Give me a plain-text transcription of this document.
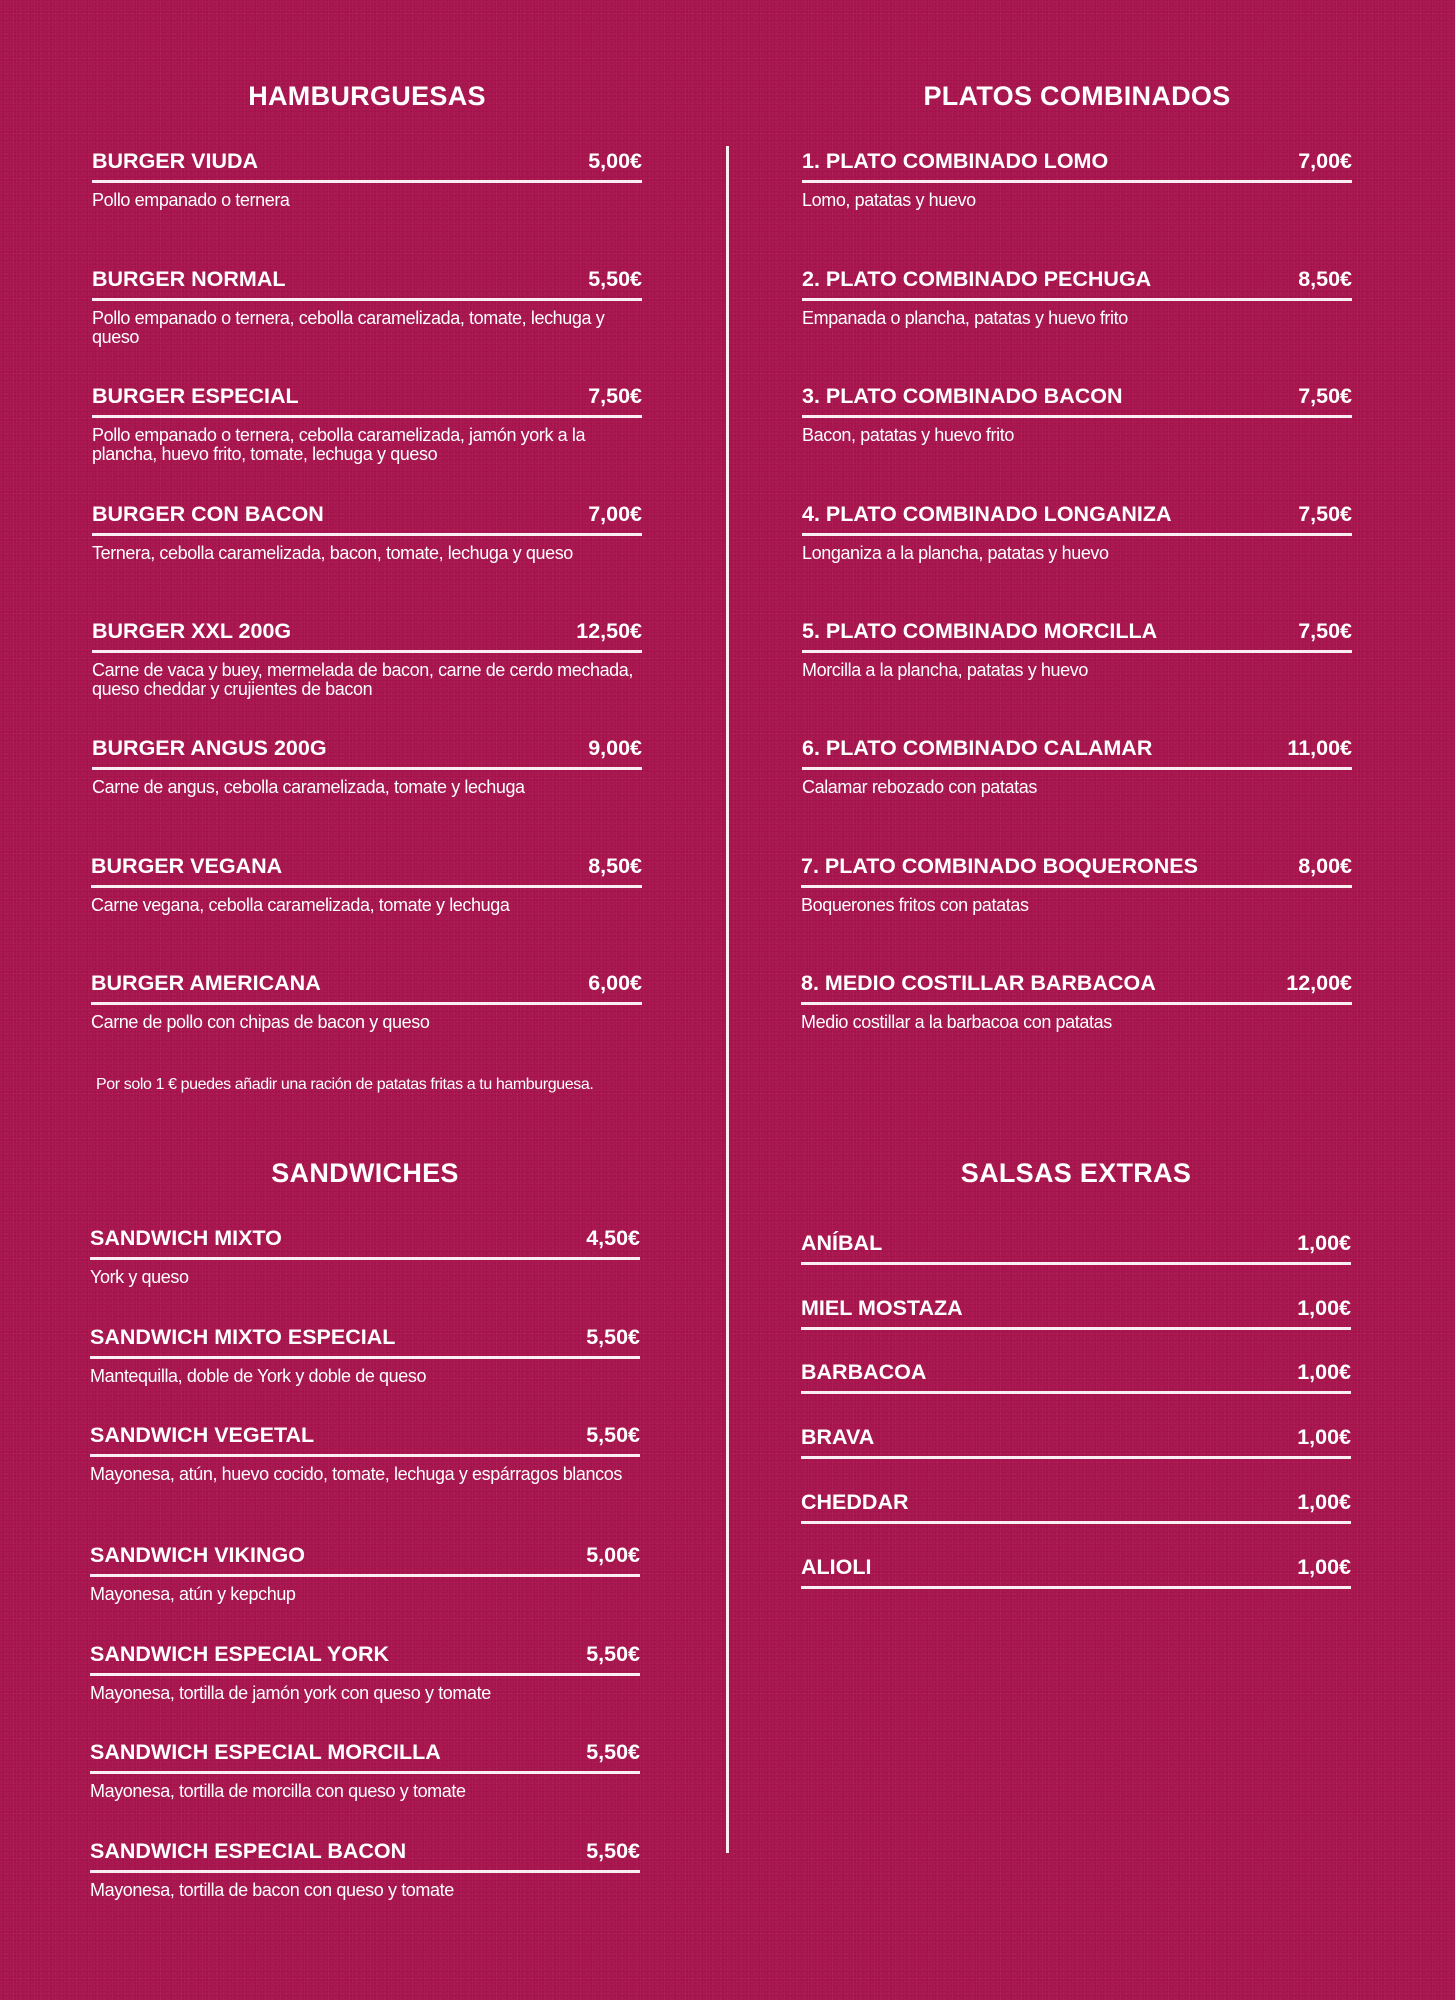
HAMBURGUESAS
BURGER VIUDA	5,00€
Pollo empanado o ternera
BURGER NORMAL	5,50€
Pollo empanado o ternera, cebolla caramelizada, tomate, lechuga y queso
BURGER ESPECIAL	7,50€
Pollo empanado o ternera, cebolla caramelizada, jamón york a la plancha, huevo frito, tomate, lechuga y queso
BURGER CON BACON	7,00€
Ternera, cebolla caramelizada, bacon, tomate, lechuga y queso
BURGER XXL 200G	12,50€
Carne de vaca y buey, mermelada de bacon, carne de cerdo mechada, queso cheddar y crujientes de bacon
BURGER ANGUS 200G	9,00€
Carne de angus, cebolla caramelizada, tomate y lechuga
BURGER VEGANA	8,50€
Carne vegana, cebolla caramelizada, tomate y lechuga
BURGER AMERICANA	6,00€
Carne de pollo con chipas de bacon y queso
Por solo 1 € puedes añadir una ración de patatas fritas a tu hamburguesa.
PLATOS COMBINADOS
1. PLATO COMBINADO LOMO	7,00€
Lomo, patatas y huevo
2. PLATO COMBINADO PECHUGA	8,50€
Empanada o plancha, patatas y huevo frito
3. PLATO COMBINADO BACON	7,50€
Bacon, patatas y huevo frito
4. PLATO COMBINADO LONGANIZA	7,50€
Longaniza a la plancha, patatas y huevo
5. PLATO COMBINADO MORCILLA	7,50€
Morcilla a la plancha, patatas y huevo
6. PLATO COMBINADO CALAMAR	11,00€
Calamar rebozado con patatas
7. PLATO COMBINADO BOQUERONES	8,00€
Boquerones fritos con patatas
8. MEDIO COSTILLAR BARBACOA	12,00€
Medio costillar a la barbacoa con patatas
SANDWICHES
SANDWICH MIXTO	4,50€
York y queso
SANDWICH MIXTO ESPECIAL	5,50€
Mantequilla, doble de York y doble de queso
SANDWICH VEGETAL	5,50€
Mayonesa, atún, huevo cocido, tomate, lechuga y espárragos blancos
SANDWICH VIKINGO	5,00€
Mayonesa, atún y kepchup
SANDWICH ESPECIAL YORK	5,50€
Mayonesa, tortilla de jamón york con queso y tomate
SANDWICH ESPECIAL MORCILLA	5,50€
Mayonesa, tortilla de morcilla con queso y tomate
SANDWICH ESPECIAL BACON	5,50€
Mayonesa, tortilla de bacon con queso y tomate
SALSAS EXTRAS
ANÍBAL	1,00€
MIEL MOSTAZA	1,00€
BARBACOA	1,00€
BRAVA	1,00€
CHEDDAR	1,00€
ALIOLI	1,00€
